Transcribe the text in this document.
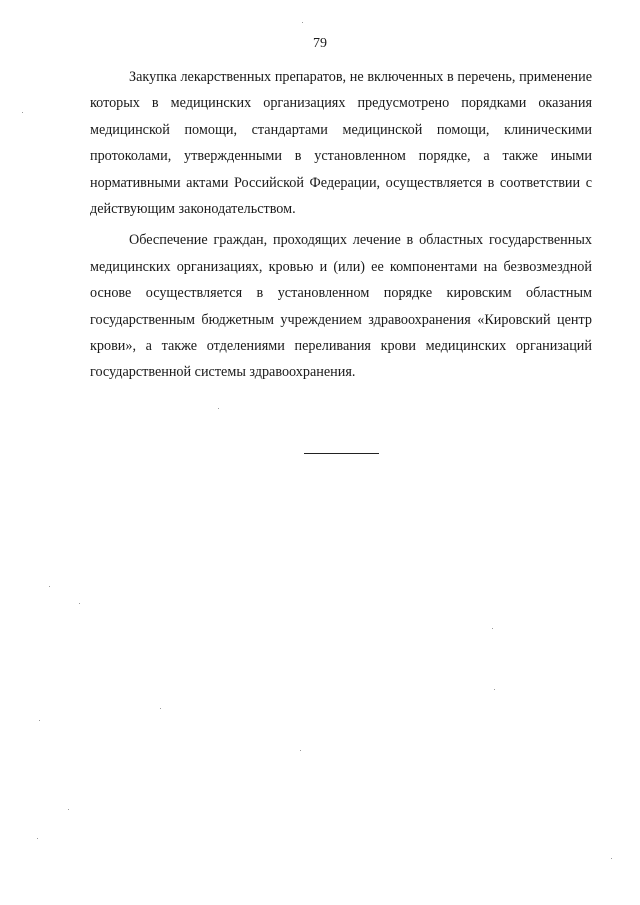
79

Закупка лекарственных препаратов, не включенных в перечень, применение которых в медицинских организациях предусмотрено порядками оказания медицинской помощи, стандартами медицинской помощи, клиническими протоколами, утвержденными в установленном порядке, а также иными нормативными актами Российской Федерации, осуществляется в соответствии с действующим законодательством.

Обеспечение граждан, проходящих лечение в областных государственных медицинских организациях, кровью и (или) ее компонентами на безвозмездной основе осуществляется в установленном порядке кировским областным государственным бюджетным учреждением здравоохранения «Кировский центр крови», а также отделениями переливания крови медицинских организаций государственной системы здравоохранения.
